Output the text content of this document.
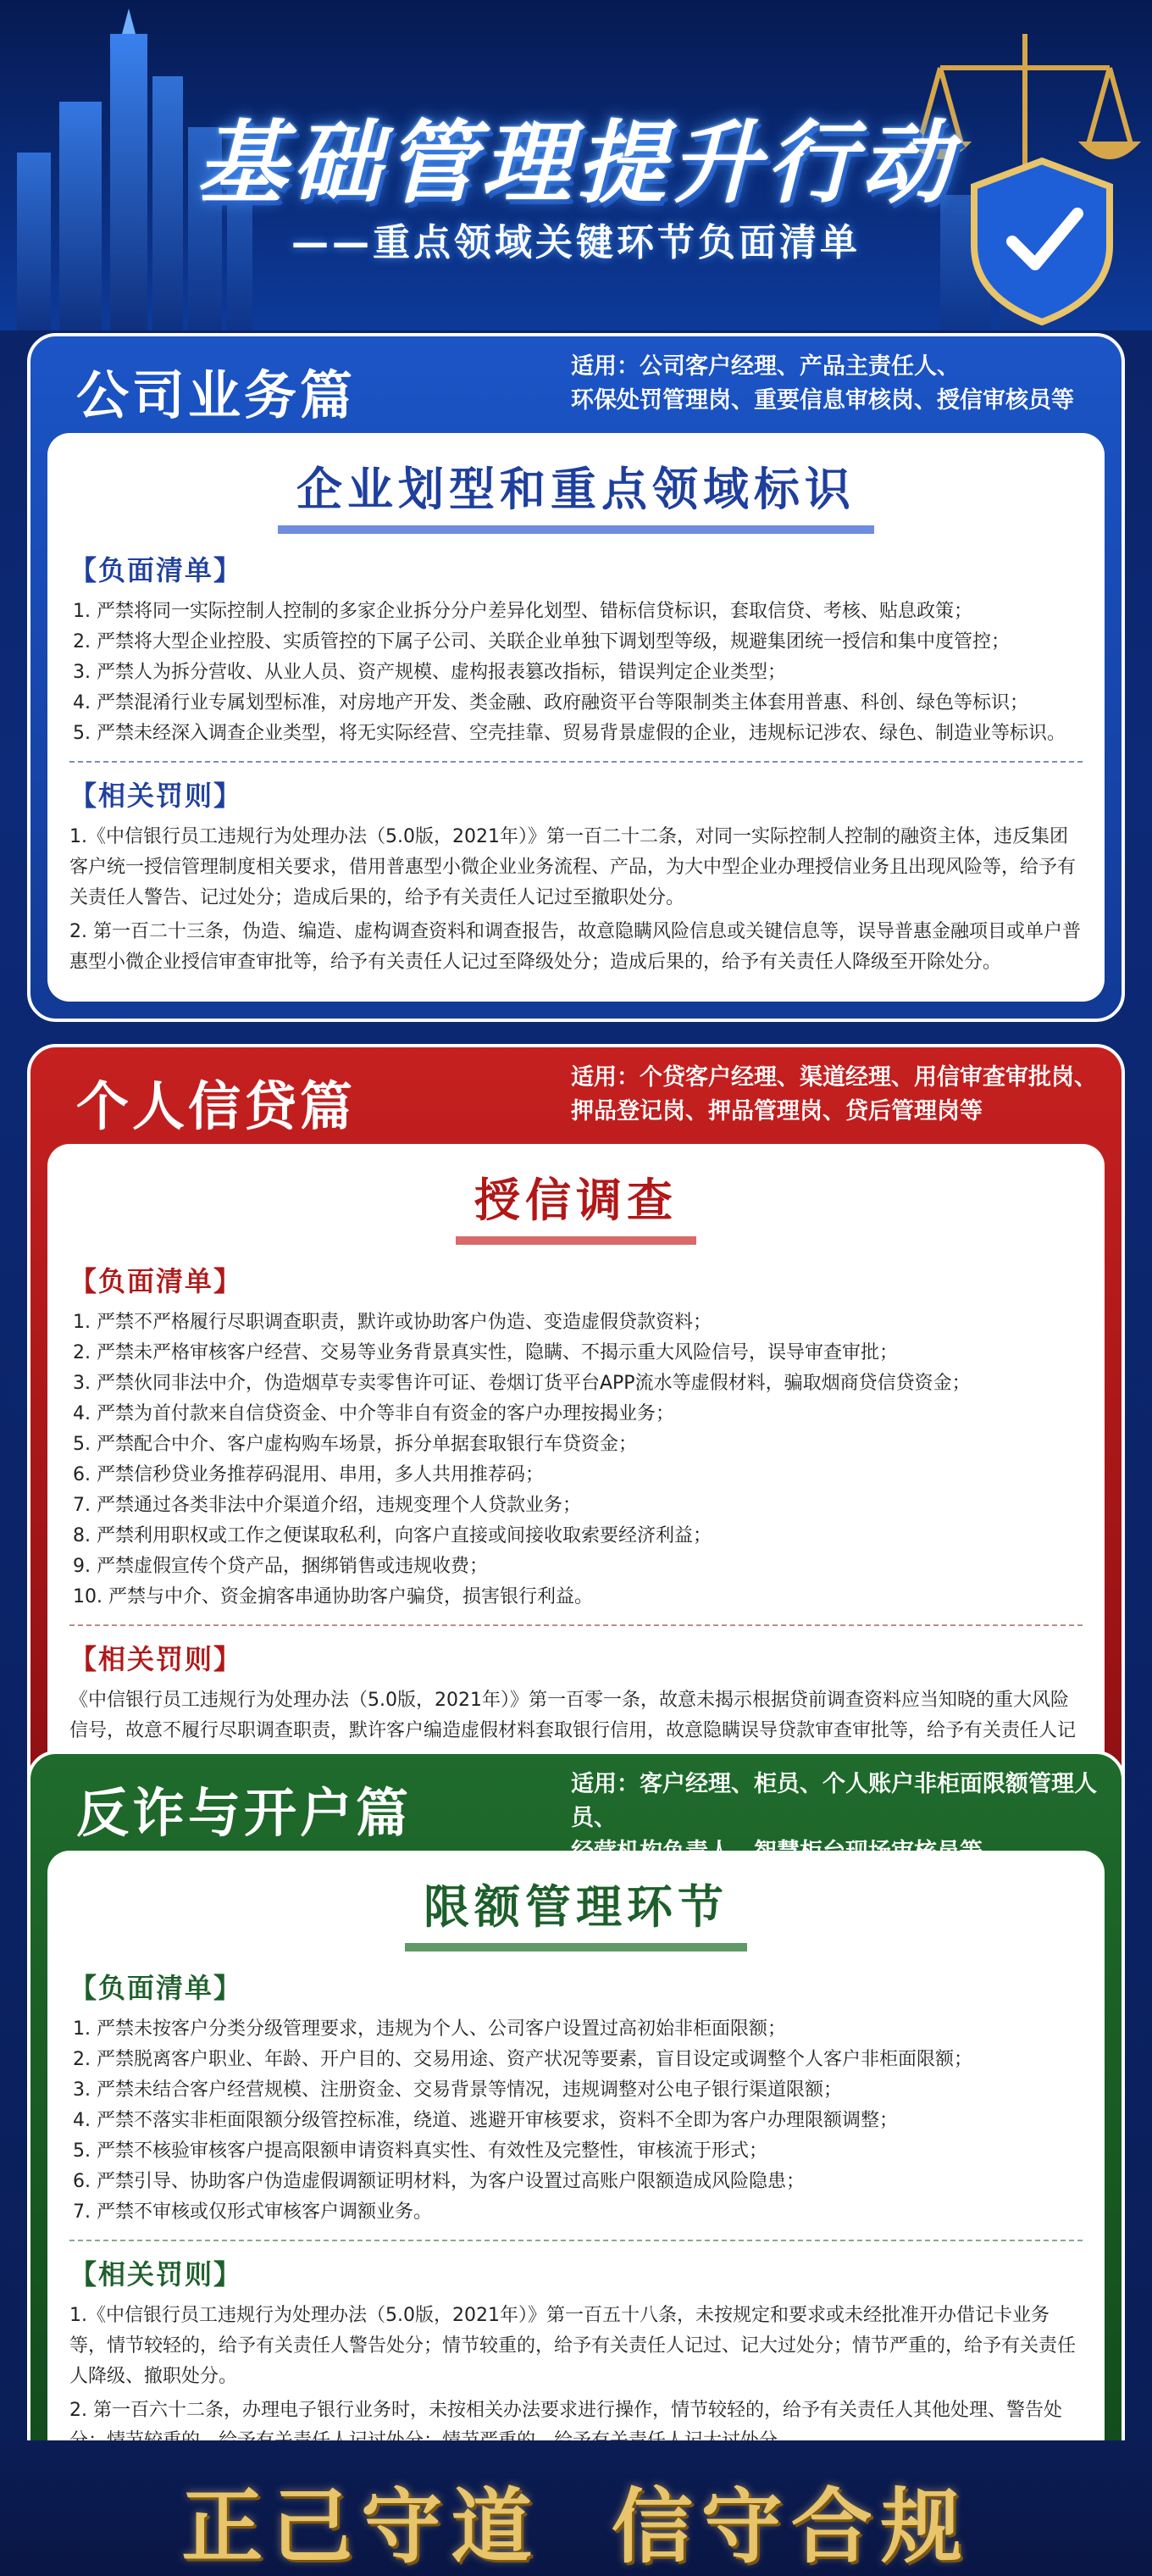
基础管理提升行动
——重点领域关键环节负面清单
公司业务篇	适用：公司客户经理、产品主责任人、
环保处罚管理岗、重要信息审核岗、授信审核员等
企业划型和重点领域标识
【负面清单】
1. 严禁将同一实际控制人控制的多家企业拆分分户差异化划型、错标信贷标识，套取信贷、考核、贴息政策；
2. 严禁将大型企业控股、实质管控的下属子公司、关联企业单独下调划型等级，规避集团统一授信和集中度管控；
3. 严禁人为拆分营收、从业人员、资产规模、虚构报表篡改指标，错误判定企业类型；
4. 严禁混淆行业专属划型标准，对房地产开发、类金融、政府融资平台等限制类主体套用普惠、科创、绿色等标识；
5. 严禁未经深入调查企业类型，将无实际经营、空壳挂靠、贸易背景虚假的企业，违规标记涉农、绿色、制造业等标识。
【相关罚则】
1.《中信银行员工违规行为处理办法（5.0版，2021年）》第一百二十二条，对同一实际控制人控制的融资主体，违反集团客户统一授信管理制度相关要求，借用普惠型小微企业业务流程、产品，为大中型企业办理授信业务且出现风险等，给予有关责任人警告、记过处分；造成后果的，给予有关责任人记过至撤职处分。
2. 第一百二十三条，伪造、编造、虚构调查资料和调查报告，故意隐瞒风险信息或关键信息等，误导普惠金融项目或单户普惠型小微企业授信审查审批等，给予有关责任人记过至降级处分；造成后果的，给予有关责任人降级至开除处分。
个人信贷篇	适用：个贷客户经理、渠道经理、用信审查审批岗、
押品登记岗、押品管理岗、贷后管理岗等
授信调查
【负面清单】
1. 严禁不严格履行尽职调查职责，默许或协助客户伪造、变造虚假贷款资料；
2. 严禁未严格审核客户经营、交易等业务背景真实性，隐瞒、不揭示重大风险信号，误导审查审批；
3. 严禁伙同非法中介，伪造烟草专卖零售许可证、卷烟订货平台APP流水等虚假材料，骗取烟商贷信贷资金；
4. 严禁为首付款来自信贷资金、中介等非自有资金的客户办理按揭业务；
5. 严禁配合中介、客户虚构购车场景，拆分单据套取银行车贷资金；
6. 严禁信秒贷业务推荐码混用、串用，多人共用推荐码；
7. 严禁通过各类非法中介渠道介绍，违规变理个人贷款业务；
8. 严禁利用职权或工作之便谋取私利，向客户直接或间接收取索要经济利益；
9. 严禁虚假宣传个贷产品，捆绑销售或违规收费；
10. 严禁与中介、资金掮客串通协助客户骗贷，损害银行利益。
【相关罚则】
《中信银行员工违规行为处理办法（5.0版，2021年）》第一百零一条，故意未揭示根据贷前调查资料应当知晓的重大风险信号，故意不履行尽职调查职责，默许客户编造虚假材料套取银行信用，故意隐瞒误导贷款审查审批等，给予有关责任人记
反诈与开户篇	适用：客户经理、柜员、个人账户非柜面限额管理人员、
限额管理环节
【负面清单】
1. 严禁未按客户分类分级管理要求，违规为个人、公司客户设置过高初始非柜面限额；
2. 严禁脱离客户职业、年龄、开户目的、交易用途、资产状况等要素，盲目设定或调整个人客户非柜面限额；
3. 严禁未结合客户经营规模、注册资金、交易背景等情况，违规调整对公电子银行渠道限额；
4. 严禁不落实非柜面限额分级管控标准，绕道、逃避开审核要求，资料不全即为客户办理限额调整；
5. 严禁不核验审核客户提高限额申请资料真实性、有效性及完整性，审核流于形式；
6. 严禁引导、协助客户伪造虚假调额证明材料，为客户设置过高账户限额造成风险隐患；
7. 严禁不审核或仅形式审核客户调额业务。
【相关罚则】
1.《中信银行员工违规行为处理办法（5.0版，2021年）》第一百五十八条，未按规定和要求或未经批准开办借记卡业务等，情节较轻的，给予有关责任人警告处分；情节较重的，给予有关责任人记过、记大过处分；情节严重的，给予有关责任人降级、撤职处分。
2. 第一百六十二条，办理电子银行业务时，未按相关办法要求进行操作，情节较轻的，给予有关责任人其他处理、警告处
正己守道 信守合规
